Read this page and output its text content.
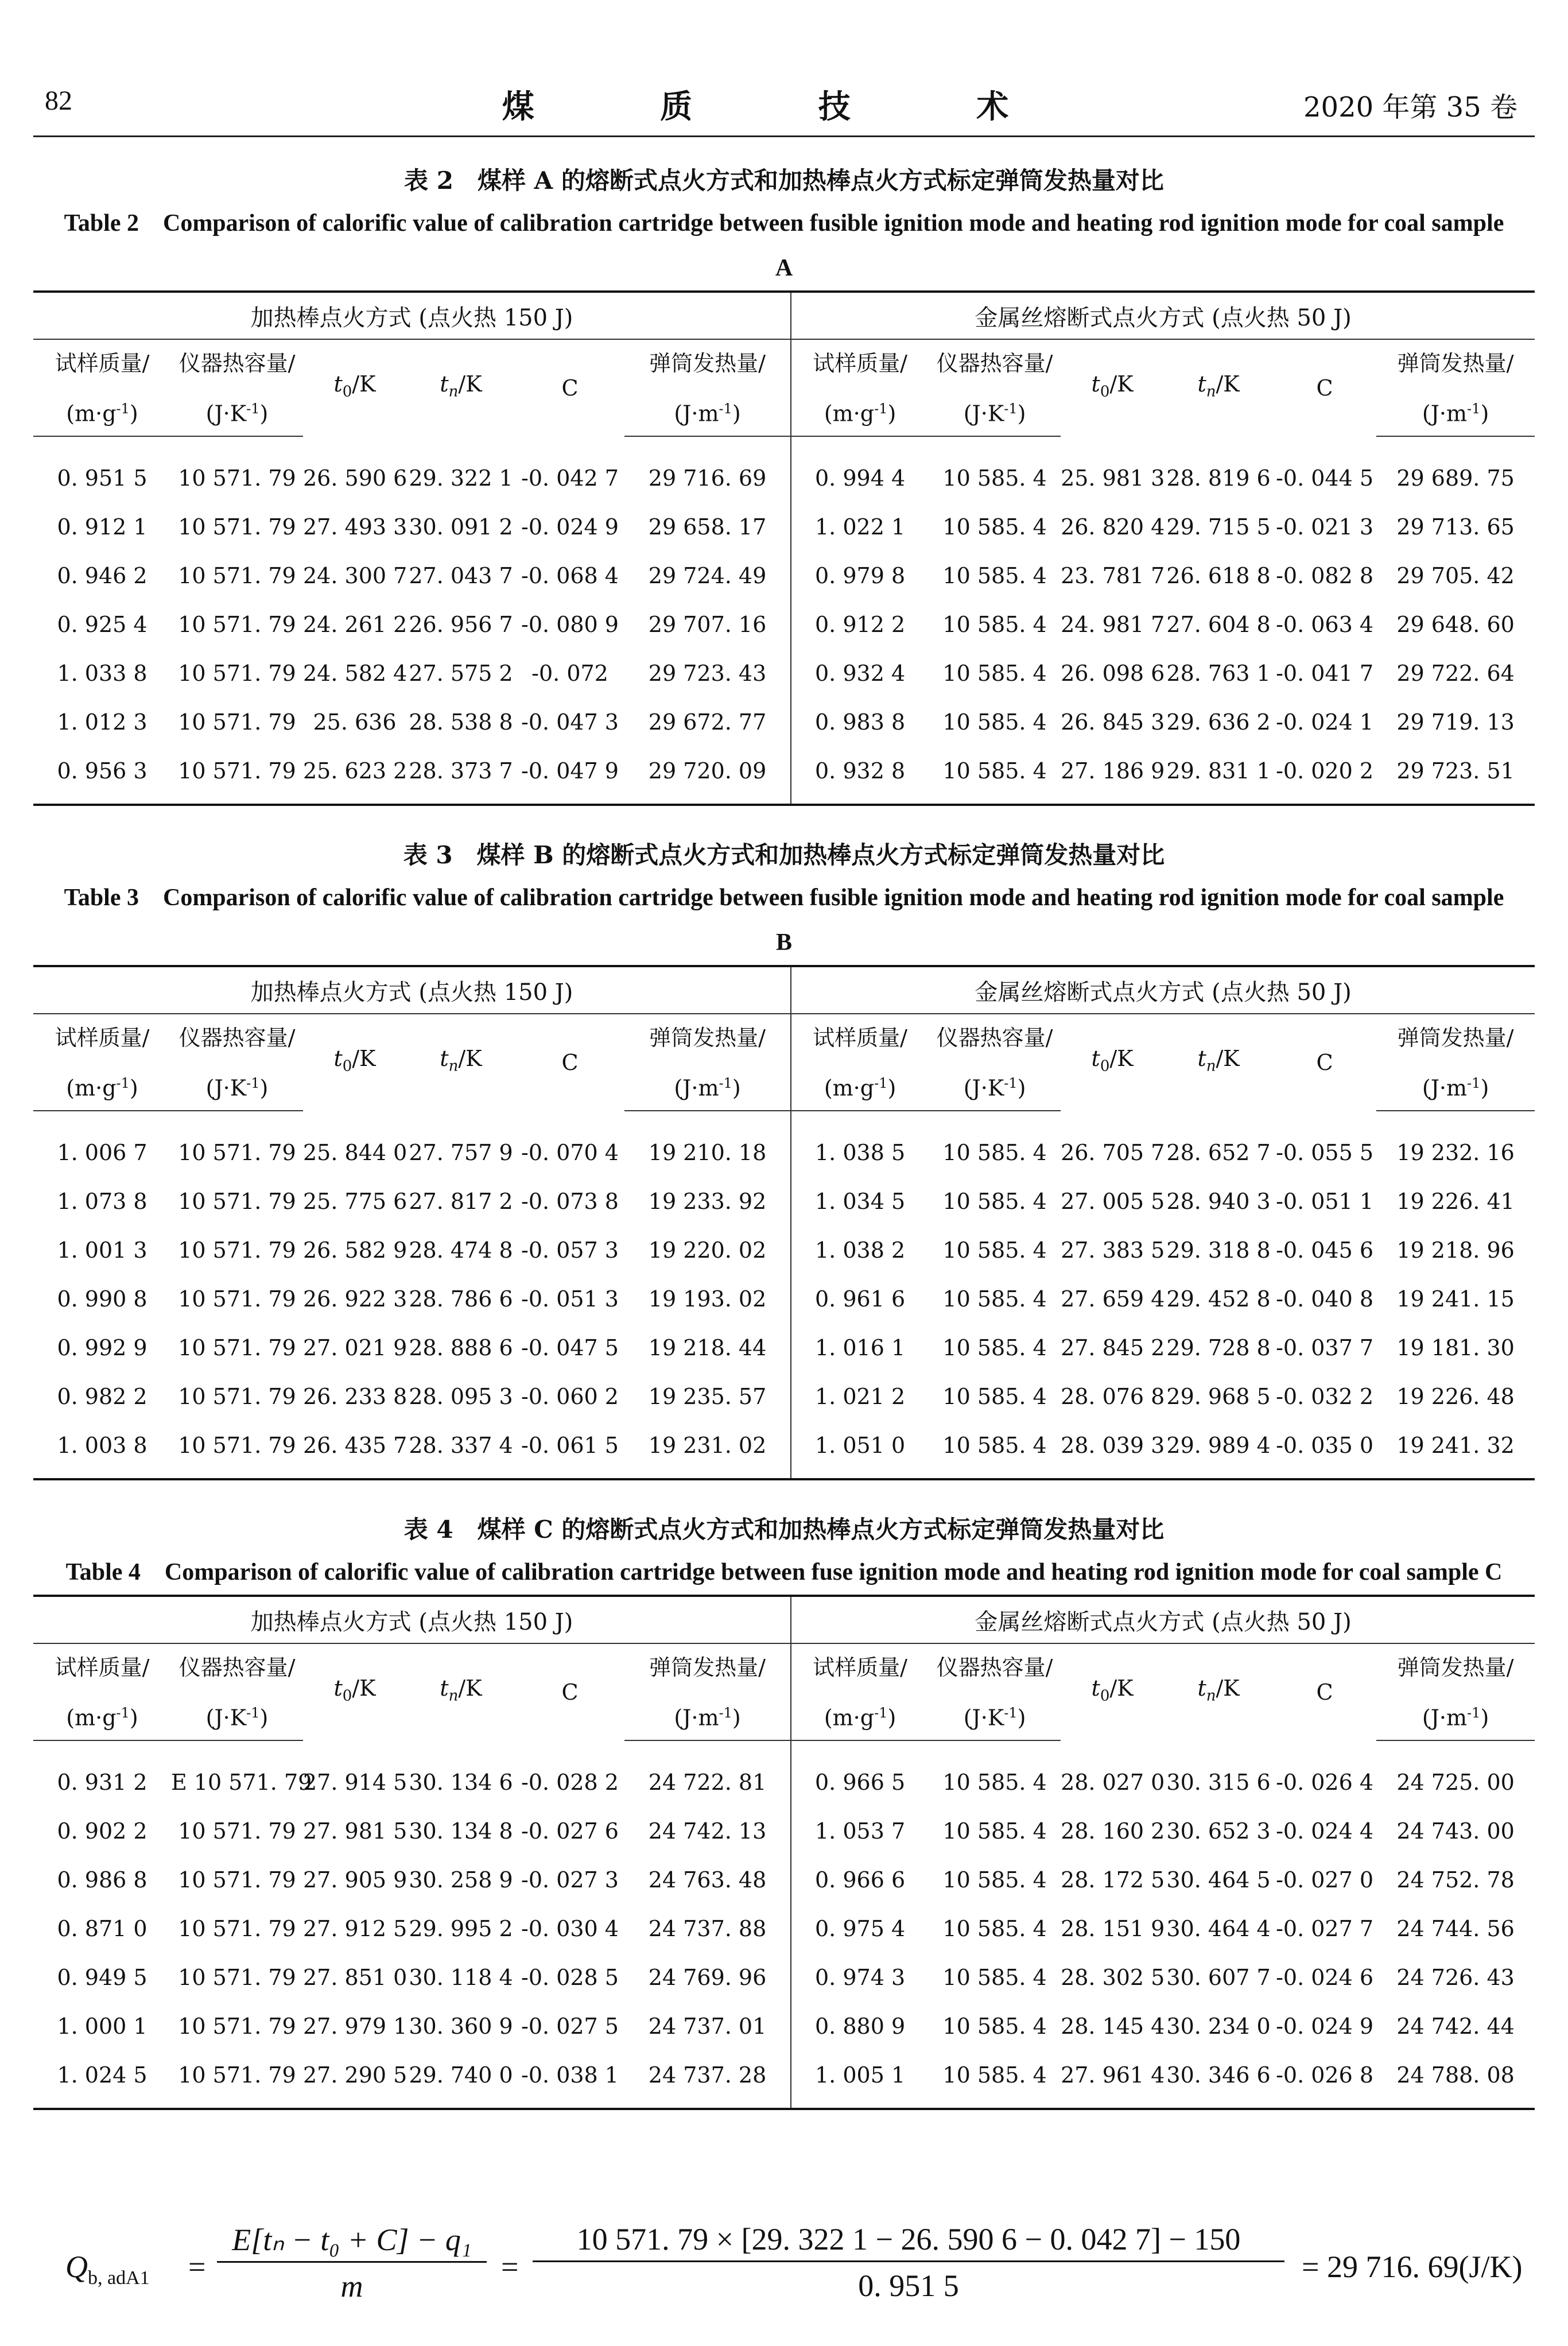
82	煤 质 技 术	2020 年第 35 卷
表 2　煤样 A 的熔断式点火方式和加热棒点火方式标定弹筒发热量对比
Table 2　Comparison of calorific value of calibration cartridge between fusible ignition mode and heating rod ignition mode for coal sample A
加热棒点火方式 (点火热 150 J)						金属丝熔断式点火方式 (点火热 50 J)					
试样质量/	仪器热容量/	$t_0/K$	$t_n/K$	C	弹筒发热量/	试样质量/	仪器热容量/	$t_0/K$	$t_n/K$	C	弹筒发热量/
$(m\cdot g^{-1})$	$(J\cdot K^{-1})$				$(J\cdot m^{-1})$	$(m\cdot g^{-1})$	$(J\cdot K^{-1})$				$(J\cdot m^{-1})$
0. 951 5	10 571. 79	26. 590 6	29. 322 1	-0. 042 7	29 716. 69	0. 994 4	10 585. 4	25. 981 3	28. 819 6	-0. 044 5	29 689. 75
0. 912 1	10 571. 79	27. 493 3	30. 091 2	-0. 024 9	29 658. 17	1. 022 1	10 585. 4	26. 820 4	29. 715 5	-0. 021 3	29 713. 65
0. 946 2	10 571. 79	24. 300 7	27. 043 7	-0. 068 4	29 724. 49	0. 979 8	10 585. 4	23. 781 7	26. 618 8	-0. 082 8	29 705. 42
0. 925 4	10 571. 79	24. 261 2	26. 956 7	-0. 080 9	29 707. 16	0. 912 2	10 585. 4	24. 981 7	27. 604 8	-0. 063 4	29 648. 60
1. 033 8	10 571. 79	24. 582 4	27. 575 2	-0. 072	29 723. 43	0. 932 4	10 585. 4	26. 098 6	28. 763 1	-0. 041 7	29 722. 64
1. 012 3	10 571. 79	25. 636	28. 538 8	-0. 047 3	29 672. 77	0. 983 8	10 585. 4	26. 845 3	29. 636 2	-0. 024 1	29 719. 13
0. 956 3	10 571. 79	25. 623 2	28. 373 7	-0. 047 9	29 720. 09	0. 932 8	10 585. 4	27. 186 9	29. 831 1	-0. 020 2	29 723. 51
表 3　煤样 B 的熔断式点火方式和加热棒点火方式标定弹筒发热量对比
Table 3　Comparison of calorific value of calibration cartridge between fusible ignition mode and heating rod ignition mode for coal sample B
加热棒点火方式 (点火热 150 J)						金属丝熔断式点火方式 (点火热 50 J)					
试样质量/	仪器热容量/	$t_0/K$	$t_n/K$	C	弹筒发热量/	试样质量/	仪器热容量/	$t_0/K$	$t_n/K$	C	弹筒发热量/
$(m\cdot g^{-1})$	$(J\cdot K^{-1})$				$(J\cdot m^{-1})$	$(m\cdot g^{-1})$	$(J\cdot K^{-1})$				$(J\cdot m^{-1})$
1. 006 7	10 571. 79	25. 844 0	27. 757 9	-0. 070 4	19 210. 18	1. 038 5	10 585. 4	26. 705 7	28. 652 7	-0. 055 5	19 232. 16
1. 073 8	10 571. 79	25. 775 6	27. 817 2	-0. 073 8	19 233. 92	1. 034 5	10 585. 4	27. 005 5	28. 940 3	-0. 051 1	19 226. 41
1. 001 3	10 571. 79	26. 582 9	28. 474 8	-0. 057 3	19 220. 02	1. 038 2	10 585. 4	27. 383 5	29. 318 8	-0. 045 6	19 218. 96
0. 990 8	10 571. 79	26. 922 3	28. 786 6	-0. 051 3	19 193. 02	0. 961 6	10 585. 4	27. 659 4	29. 452 8	-0. 040 8	19 241. 15
0. 992 9	10 571. 79	27. 021 9	28. 888 6	-0. 047 5	19 218. 44	1. 016 1	10 585. 4	27. 845 2	29. 728 8	-0. 037 7	19 181. 30
0. 982 2	10 571. 79	26. 233 8	28. 095 3	-0. 060 2	19 235. 57	1. 021 2	10 585. 4	28. 076 8	29. 968 5	-0. 032 2	19 226. 48
1. 003 8	10 571. 79	26. 435 7	28. 337 4	-0. 061 5	19 231. 02	1. 051 0	10 585. 4	28. 039 3	29. 989 4	-0. 035 0	19 241. 32
表 4　煤样 C 的熔断式点火方式和加热棒点火方式标定弹筒发热量对比
Table 4　Comparison of calorific value of calibration cartridge between fuse ignition mode and heating rod ignition mode for coal sample C
加热棒点火方式 (点火热 150 J)						金属丝熔断式点火方式 (点火热 50 J)					
试样质量/	仪器热容量/	$t_0/K$	$t_n/K$	C	弹筒发热量/	试样质量/	仪器热容量/	$t_0/K$	$t_n/K$	C	弹筒发热量/
$(m\cdot g^{-1})$	$(J\cdot K^{-1})$				$(J\cdot m^{-1})$	$(m\cdot g^{-1})$	$(J\cdot K^{-1})$				$(J\cdot m^{-1})$
0. 931 2	E 10 571. 79	27. 914 5	30. 134 6	-0. 028 2	24 722. 81	0. 966 5	10 585. 4	28. 027 0	30. 315 6	-0. 026 4	24 725. 00
0. 902 2	10 571. 79	27. 981 5	30. 134 8	-0. 027 6	24 742. 13	1. 053 7	10 585. 4	28. 160 2	30. 652 3	-0. 024 4	24 743. 00
0. 986 8	10 571. 79	27. 905 9	30. 258 9	-0. 027 3	24 763. 48	0. 966 6	10 585. 4	28. 172 5	30. 464 5	-0. 027 0	24 752. 78
0. 871 0	10 571. 79	27. 912 5	29. 995 2	-0. 030 4	24 737. 88	0. 975 4	10 585. 4	28. 151 9	30. 464 4	-0. 027 7	24 744. 56
0. 949 5	10 571. 79	27. 851 0	30. 118 4	-0. 028 5	24 769. 96	0. 974 3	10 585. 4	28. 302 5	30. 607 7	-0. 024 6	24 726. 43
1. 000 1	10 571. 79	27. 979 1	30. 360 9	-0. 027 5	24 737. 01	0. 880 9	10 585. 4	28. 145 4	30. 234 0	-0. 024 9	24 742. 44
1. 024 5	10 571. 79	27. 290 5	29. 740 0	-0. 038 1	24 737. 28	1. 005 1	10 585. 4	27. 961 4	30. 346 6	-0. 026 8	24 788. 08
$Q_{b, adA1} = \frac{\text{E[tₙ − t₀ + C] − q₁}}{m} = \frac{10 571. 79 \times [29. 322 1 - 26. 590 6 - 0. 042 7] - 150}{0. 951 5} = 29$ 716. 69(J/K)
